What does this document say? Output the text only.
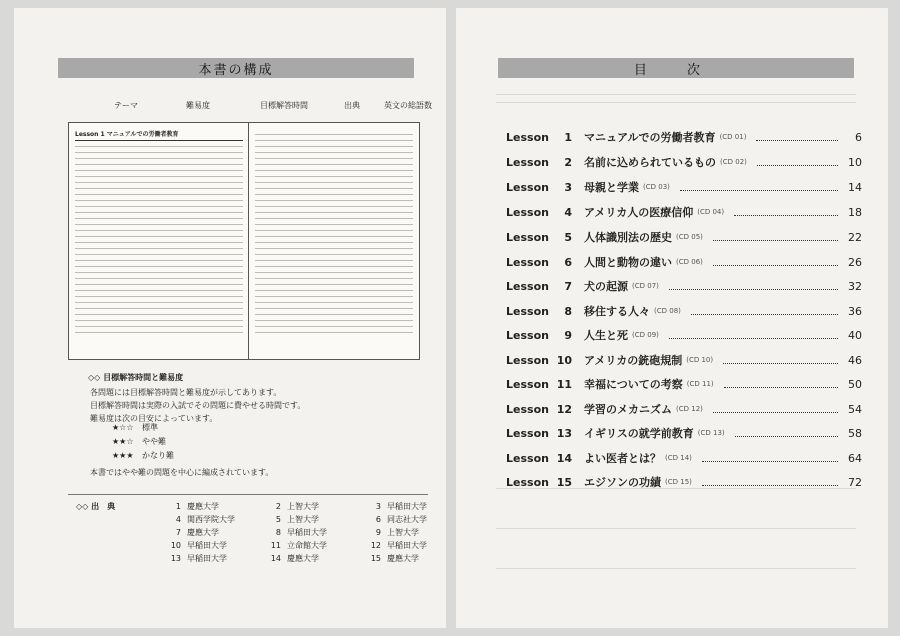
本書の構成
テーマ	難易度	目標解答時間	出典	英文の総語数
Lesson 1 マニュアルでの労働者教育
◇◇ 目標解答時間と難易度
各問題には目標解答時間と難易度が示してあります。
目標解答時間は実際の入試でその問題に費やせる時間です。
難易度は次の目安によっています。
★☆☆ 標準
★★☆ やや難
★★★ かなり難
本書ではやや難の問題を中心に編成されています。
◇◇ 出　典	1 慶應大学	2 上智大学	3 早稲田大学
4 関西学院大学	5 上智大学	6 同志社大学
7 慶應大学	8 早稲田大学	9 上智大学
10 早稲田大学	11 立命館大学	12 早稲田大学
13 早稲田大学	14 慶應大学	15 慶應大学
目 次
Lesson	1 マニュアルでの労働者教育 (CD 01)	6
Lesson	2 名前に込められているもの (CD 02)	10
Lesson	3 母親と学業 (CD 03)	14
Lesson	4 アメリカ人の医療信仰 (CD 04)	18
Lesson	5 人体識別法の歴史 (CD 05)	22
Lesson	6 人間と動物の違い (CD 06)	26
Lesson	7 犬の起源 (CD 07)	32
Lesson	8 移住する人々 (CD 08)	36
Lesson	9 人生と死 (CD 09)	40
Lesson 10 アメリカの銃砲規制 (CD 10)	46
Lesson 11 幸福についての考察 (CD 11)	50
Lesson 12 学習のメカニズム (CD 12)	54
Lesson 13 イギリスの就学前教育 (CD 13)	58
Lesson 14 よい医者とは？ (CD 14)	64
Lesson 15 エジソンの功績 (CD 15)	72
